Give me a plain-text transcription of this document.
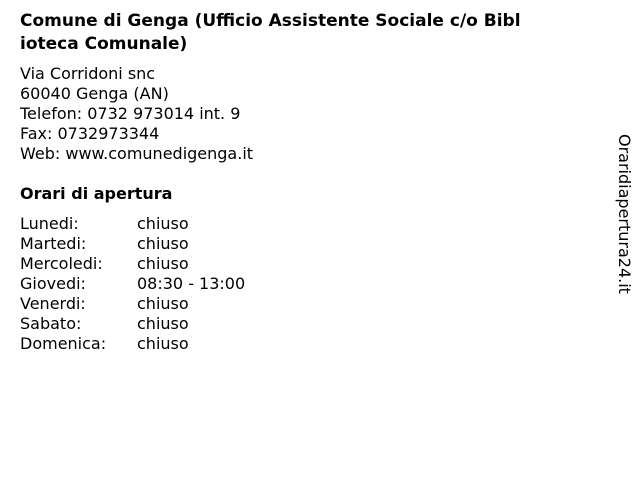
Comune di Genga (Ufficio Assistente Sociale c/o Bibl
ioteca Comunale)
Via Corridoni snc
60040 Genga (AN)
Telefon: 0732 973014 int. 9
Fax: 0732973344
Web: www.comunedigenga.it
Orari di apertura
Lunedi:	chiuso
Martedi:	chiuso
Mercoledi:	chiuso
Giovedi:	08:30 - 13:00
Venerdi:	chiuso
Sabato:	chiuso
Domenica:	chiuso
Oraridiapertura24.it
